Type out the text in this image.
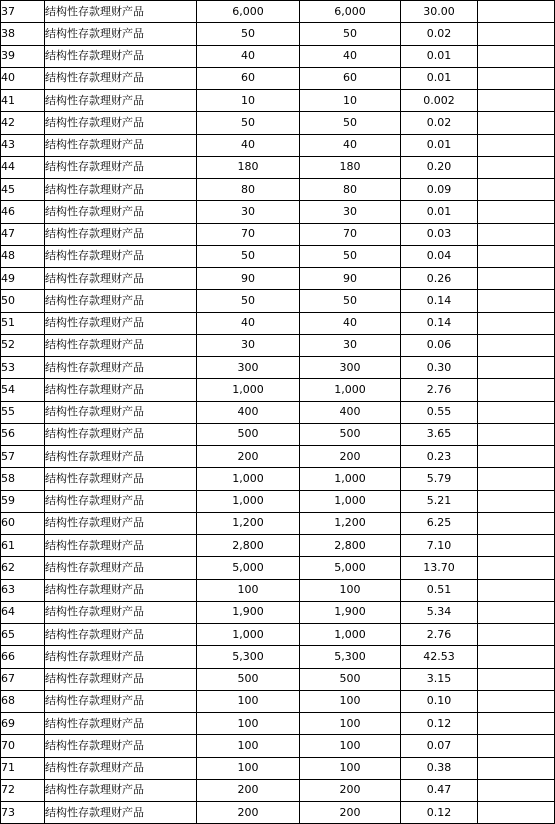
37	结构性存款理财产品	6,000	6,000	30.00	
38	结构性存款理财产品	50	50	0.02	
39	结构性存款理财产品	40	40	0.01	
40	结构性存款理财产品	60	60	0.01	
41	结构性存款理财产品	10	10	0.002	
42	结构性存款理财产品	50	50	0.02	
43	结构性存款理财产品	40	40	0.01	
44	结构性存款理财产品	180	180	0.20	
45	结构性存款理财产品	80	80	0.09	
46	结构性存款理财产品	30	30	0.01	
47	结构性存款理财产品	70	70	0.03	
48	结构性存款理财产品	50	50	0.04	
49	结构性存款理财产品	90	90	0.26	
50	结构性存款理财产品	50	50	0.14	
51	结构性存款理财产品	40	40	0.14	
52	结构性存款理财产品	30	30	0.06	
53	结构性存款理财产品	300	300	0.30	
54	结构性存款理财产品	1,000	1,000	2.76	
55	结构性存款理财产品	400	400	0.55	
56	结构性存款理财产品	500	500	3.65	
57	结构性存款理财产品	200	200	0.23	
58	结构性存款理财产品	1,000	1,000	5.79	
59	结构性存款理财产品	1,000	1,000	5.21	
60	结构性存款理财产品	1,200	1,200	6.25	
61	结构性存款理财产品	2,800	2,800	7.10	
62	结构性存款理财产品	5,000	5,000	13.70	
63	结构性存款理财产品	100	100	0.51	
64	结构性存款理财产品	1,900	1,900	5.34	
65	结构性存款理财产品	1,000	1,000	2.76	
66	结构性存款理财产品	5,300	5,300	42.53	
67	结构性存款理财产品	500	500	3.15	
68	结构性存款理财产品	100	100	0.10	
69	结构性存款理财产品	100	100	0.12	
70	结构性存款理财产品	100	100	0.07	
71	结构性存款理财产品	100	100	0.38	
72	结构性存款理财产品	200	200	0.47	
73	结构性存款理财产品	200	200	0.12	
